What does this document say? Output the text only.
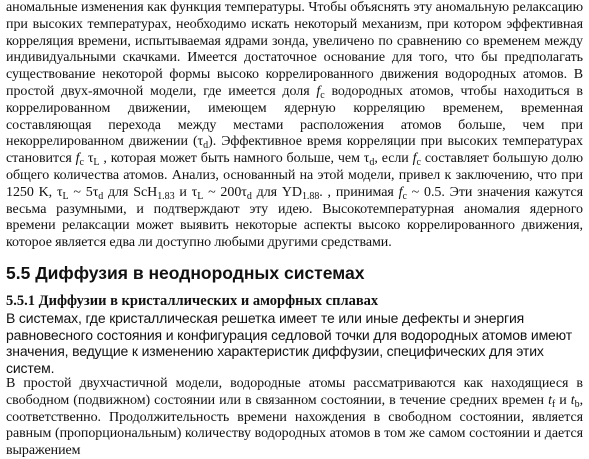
аномальные изменения как функция температуры. Чтобы объяснять эту аномальную релаксацию при высоких температурах, необходимо искать некоторый механизм, при котором эффективная корреляция времени, испытываемая ядрами зонда, увеличено по сравнению со временем между индивидуальными скачками. Имеется достаточное основание для того, что бы предполагать существование некоторой формы высоко коррелированного движения водородных атомов. В простой двух-ямочной модели, где имеется доля $f_c$ водородных атомов, чтобы находиться в коррелированном движении, имеющем ядерную корреляцию временем, временная составляющая перехода между местами расположения атомов больше, чем при некоррелированном движении $(\tau_d)$. Эффективное время корреляции при высоких температурах становится $f_c$ $\tau_L$ , которая может быть намного больше, чем $\tau_d$, если $f_c$ составляет большую долю общего количества атомов. Анализ, основанный на этой модели, привел к заключению, что при 1250 K, $\tau_L$ ~ $5\tau_d$ для ScH$_{1.83}$ и $\tau_L$ ~ $200\tau_d$ для $YD_{1.88}$. , принимая $f_c$ ~ 0.5. Эти значения кажутся весьма разумными, и подтверждают эту идею. Высокотемпературная аномалия ядерного времени релаксации может выявить некоторые аспекты высоко коррелированного движения, которое является едва ли доступно любыми другими средствами.

5.5 Диффузия в неоднородных системах
5.5.1 Диффузии в кристаллических и аморфных сплавах

В системах, где кристаллическая решетка имеет те или иные дефекты и энергия равновесного состояния и конфигурация седловой точки для водородных атомов имеют значения, ведущие к изменению характеристик диффузии, специфических для этих систем.

В простой двухчастичной модели, водородные атомы рассматриваются как находящиеся в свободном (подвижном) состоянии или в связанном состоянии, в течение средних времен $t_f$ и $t_b$, соответственно. Продолжительность времени нахождения в свободном состоянии, является равным (пропорциональным) количеству водородных атомов в том же самом состоянии и дается выражением
